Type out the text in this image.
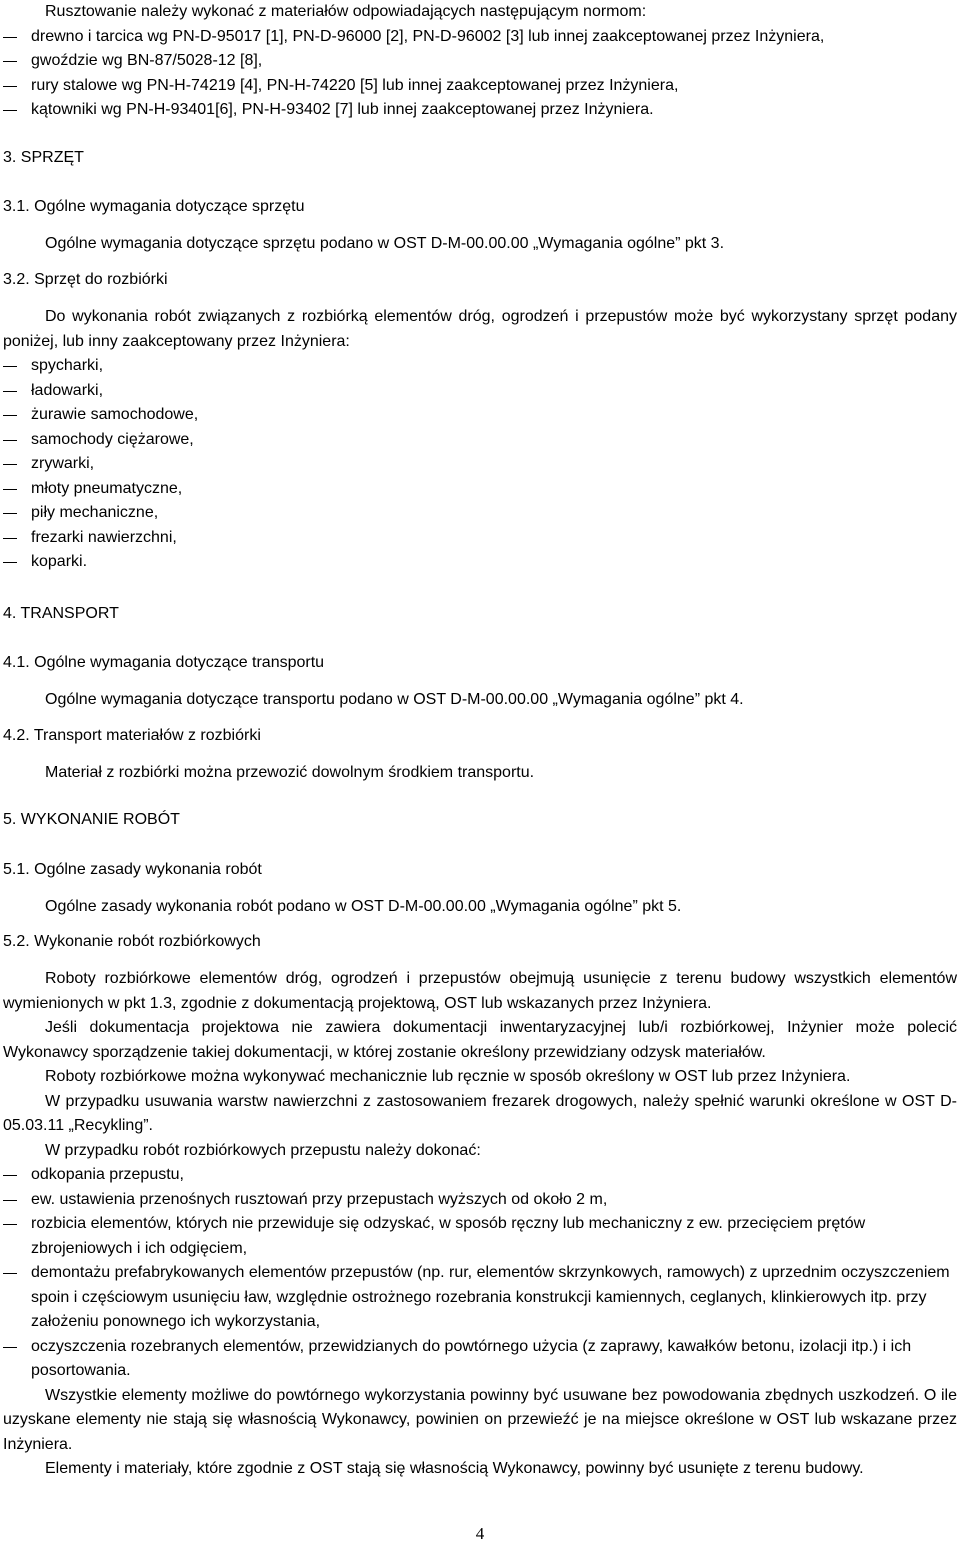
Rusztowanie należy wykonać z materiałów odpowiadających następującym normom:

drewno i tarcica wg PN-D-95017 [1], PN-D-96000 [2], PN-D-96002 [3] lub innej zaakceptowanej przez Inżyniera,
gwoździe wg BN-87/5028-12 [8],
rury stalowe wg PN-H-74219 [4], PN-H-74220 [5] lub innej zaakceptowanej przez Inżyniera,
kątowniki wg PN-H-93401[6], PN-H-93402 [7] lub innej zaakceptowanej przez Inżyniera.

3. SPRZĘT

3.1. Ogólne wymagania dotyczące sprzętu

Ogólne wymagania dotyczące sprzętu podano w OST D-M-00.00.00 „Wymagania ogólne” pkt 3.

3.2. Sprzęt do rozbiórki

Do wykonania robót związanych z rozbiórką elementów dróg, ogrodzeń i przepustów może być wykorzystany sprzęt podany poniżej, lub inny zaakceptowany przez Inżyniera:

spycharki,
ładowarki,
żurawie samochodowe,
samochody ciężarowe,
zrywarki,
młoty pneumatyczne,
piły mechaniczne,
frezarki nawierzchni,
koparki.

4. TRANSPORT

4.1. Ogólne wymagania dotyczące transportu

Ogólne wymagania dotyczące transportu podano w OST D-M-00.00.00 „Wymagania ogólne” pkt 4.

4.2. Transport materiałów z rozbiórki

Materiał z rozbiórki można przewozić dowolnym środkiem transportu.

5. WYKONANIE ROBÓT

5.1. Ogólne zasady wykonania robót

Ogólne zasady wykonania robót podano w OST D-M-00.00.00 „Wymagania ogólne” pkt 5.

5.2. Wykonanie robót rozbiórkowych

Roboty rozbiórkowe elementów dróg, ogrodzeń i przepustów obejmują usunięcie z terenu budowy wszystkich elementów wymienionych w pkt 1.3, zgodnie z dokumentacją projektową, OST lub wskazanych przez Inżyniera.

Jeśli dokumentacja projektowa nie zawiera dokumentacji inwentaryzacyjnej lub/i rozbiórkowej, Inżynier może polecić Wykonawcy sporządzenie takiej dokumentacji, w której zostanie określony przewidziany odzysk materiałów.

Roboty rozbiórkowe można wykonywać mechanicznie lub ręcznie w sposób określony w OST lub przez Inżyniera.

W przypadku usuwania warstw nawierzchni z zastosowaniem frezarek drogowych, należy spełnić warunki określone w OST D-05.03.11 „Recykling”.

W przypadku robót rozbiórkowych przepustu należy dokonać:

odkopania przepustu,
ew. ustawienia przenośnych rusztowań przy przepustach wyższych od około 2 m,
rozbicia elementów, których nie przewiduje się odzyskać, w sposób ręczny lub mechaniczny z ew. przecięciem prętów zbrojeniowych i ich odgięciem,
demontażu prefabrykowanych elementów przepustów (np. rur, elementów skrzynkowych, ramowych) z uprzednim oczyszczeniem spoin i częściowym usunięciu ław, względnie ostrożnego rozebrania konstrukcji kamiennych, ceglanych, klinkierowych itp. przy założeniu ponownego ich wykorzystania,
oczyszczenia rozebranych elementów, przewidzianych do powtórnego użycia (z zaprawy, kawałków betonu, izolacji itp.) i ich posortowania.

Wszystkie elementy możliwe do powtórnego wykorzystania powinny być usuwane bez powodowania zbędnych uszkodzeń. O ile uzyskane elementy nie stają się własnością Wykonawcy, powinien on przewieźć je na miejsce określone w OST lub wskazane przez Inżyniera.

Elementy i materiały, które zgodnie z OST stają się własnością Wykonawcy, powinny być usunięte z terenu budowy.

4
